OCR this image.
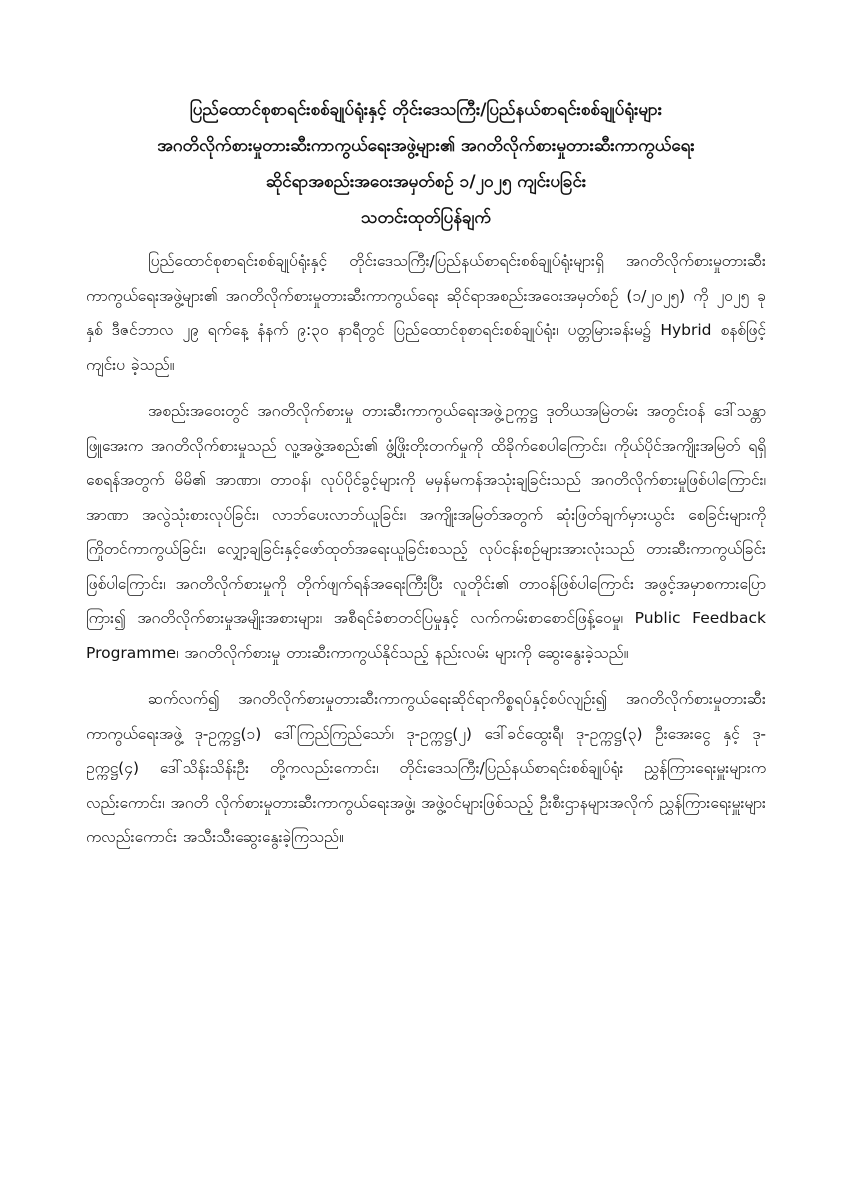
ပြည်ထောင်စုစာရင်းစစ်ချုပ်ရုံးနှင့် တိုင်းဒေသကြီး/ပြည်နယ်စာရင်းစစ်ချုပ်ရုံးများ

အဂတိလိုက်စားမှုတားဆီးကာကွယ်ရေးအဖွဲ့များ၏ အဂတိလိုက်စားမှုတားဆီးကာကွယ်ရေး

ဆိုင်ရာအစည်းအဝေးအမှတ်စဉ် ၁/၂၀၂၅ ကျင်းပခြင်း

သတင်းထုတ်ပြန်ချက်

ပြည်ထောင်စုစာရင်းစစ်ချုပ်ရုံးနှင့် တိုင်းဒေသကြီး/ပြည်နယ်စာရင်းစစ်ချုပ်ရုံးများရှိ အဂတိလိုက်စားမှုတားဆီးကာကွယ်ရေးအဖွဲ့များ၏ အဂတိလိုက်စားမှုတားဆီးကာကွယ်ရေး ဆိုင်ရာအစည်းအဝေးအမှတ်စဉ် (၁/၂၀၂၅) ကို ၂၀၂၅ ခုနှစ် ဒီဇင်ဘာလ ၂၉ ရက်နေ့ နံနက် ၉:၃၀ နာရီတွင် ပြည်ထောင်စုစာရင်းစစ်ချုပ်ရုံး၊ ပတ္တမြားခန်းမ၌ Hybrid စနစ်ဖြင့်ကျင်းပ ခဲ့သည်။

အစည်းအဝေးတွင် အဂတိလိုက်စားမှု တားဆီးကာကွယ်ရေးအဖွဲ့ဥက္ကဋ္ဌ ဒုတိယအမြဲတမ်း အတွင်းဝန် ဒေါ်သန္တာဖြူအေးက အဂတိလိုက်စားမှုသည် လူ့အဖွဲ့အစည်း၏ ဖွံ့ဖြိုးတိုးတက်မှုကို ထိခိုက်စေပါကြောင်း၊ ကိုယ်ပိုင်အကျိုးအမြတ် ရရှိစေရန်အတွက် မိမိ၏ အာဏာ၊ တာဝန်၊ လုပ်ပိုင်ခွင့်များကို မမှန်မကန်အသုံးချခြင်းသည် အဂတိလိုက်စားမှုဖြစ်ပါကြောင်း၊ အာဏာ အလွဲသုံးစားလုပ်ခြင်း၊ လာဘ်ပေးလာဘ်ယူခြင်း၊ အကျိုးအမြတ်အတွက် ဆုံးဖြတ်ချက်မှားယွင်း စေခြင်းများကို ကြိုတင်ကာကွယ်ခြင်း၊ လျှော့ချခြင်းနှင့်ဖော်ထုတ်အရေးယူခြင်းစသည့် လုပ်ငန်းစဉ်များအားလုံးသည် တားဆီးကာကွယ်ခြင်းဖြစ်ပါကြောင်း၊ အဂတိလိုက်စားမှုကို တိုက်ဖျက်ရန်အရေးကြီးပြီး လူတိုင်း၏ တာဝန်ဖြစ်ပါကြောင်း အဖွင့်အမှာစကားပြောကြား၍ အဂတိလိုက်စားမှုအမျိုးအစားများ၊ အစီရင်ခံစာတင်ပြမှုနှင့် လက်ကမ်းစာစောင်ဖြန့်ဝေမှု၊ Public Feedback Programme၊ အဂတိလိုက်စားမှု တားဆီးကာကွယ်နိုင်သည့် နည်းလမ်း များကို ဆွေးနွေးခဲ့သည်။

ဆက်လက်၍ အဂတိလိုက်စားမှုတားဆီးကာကွယ်ရေးဆိုင်ရာကိစ္စရပ်နှင့်စပ်လျဉ်း၍ အဂတိလိုက်စားမှုတားဆီးကာကွယ်ရေးအဖွဲ့ ဒု-ဥက္ကဋ္ဌ(၁) ဒေါ်ကြည်ကြည်သော်၊ ဒု-ဥက္ကဋ္ဌ(၂) ဒေါ်ခင်ထွေးရီ၊ ဒု-ဥက္ကဋ္ဌ(၃) ဦးအေးငွေ နှင့် ဒု-ဥက္ကဋ္ဌ(၄) ဒေါ်သိန်းသိန်းဦး တို့ကလည်းကောင်း၊ တိုင်းဒေသကြီး/ပြည်နယ်စာရင်းစစ်ချုပ်ရုံး ညွှန်ကြားရေးမှူးများကလည်းကောင်း၊ အဂတိ လိုက်စားမှုတားဆီးကာကွယ်ရေးအဖွဲ့၊ အဖွဲ့ဝင်များဖြစ်သည့် ဦးစီးဌာနများအလိုက် ညွှန်ကြားရေးမှူးများ ကလည်းကောင်း အသီးသီးဆွေးနွေးခဲ့ကြသည်။
